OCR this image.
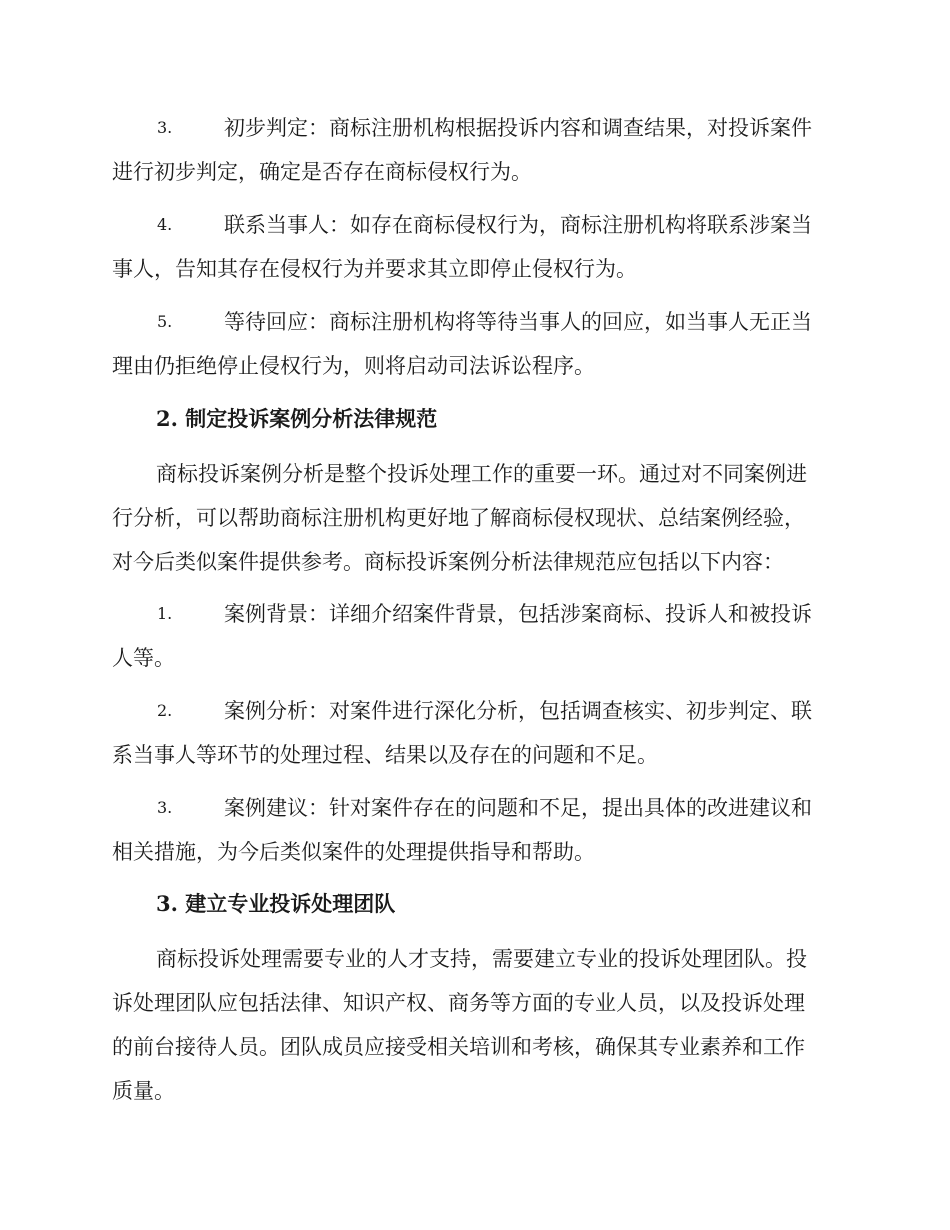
3. 初步判定：商标注册机构根据投诉内容和调查结果，对投诉案件
进行初步判定，确定是否存在商标侵权行为。
4. 联系当事人：如存在商标侵权行为，商标注册机构将联系涉案当
事人，告知其存在侵权行为并要求其立即停止侵权行为。
5. 等待回应：商标注册机构将等待当事人的回应，如当事人无正当
理由仍拒绝停止侵权行为，则将启动司法诉讼程序。
2. 制定投诉案例分析法律规范
商标投诉案例分析是整个投诉处理工作的重要一环。通过对不同案例进
行分析，可以帮助商标注册机构更好地了解商标侵权现状、总结案例经验，
对今后类似案件提供参考。商标投诉案例分析法律规范应包括以下内容：
1. 案例背景：详细介绍案件背景，包括涉案商标、投诉人和被投诉
人等。
2. 案例分析：对案件进行深化分析，包括调查核实、初步判定、联
系当事人等环节的处理过程、结果以及存在的问题和不足。
3. 案例建议：针对案件存在的问题和不足，提出具体的改进建议和
相关措施，为今后类似案件的处理提供指导和帮助。
3. 建立专业投诉处理团队
商标投诉处理需要专业的人才支持，需要建立专业的投诉处理团队。投
诉处理团队应包括法律、知识产权、商务等方面的专业人员，以及投诉处理
的前台接待人员。团队成员应接受相关培训和考核，确保其专业素养和工作
质量。
